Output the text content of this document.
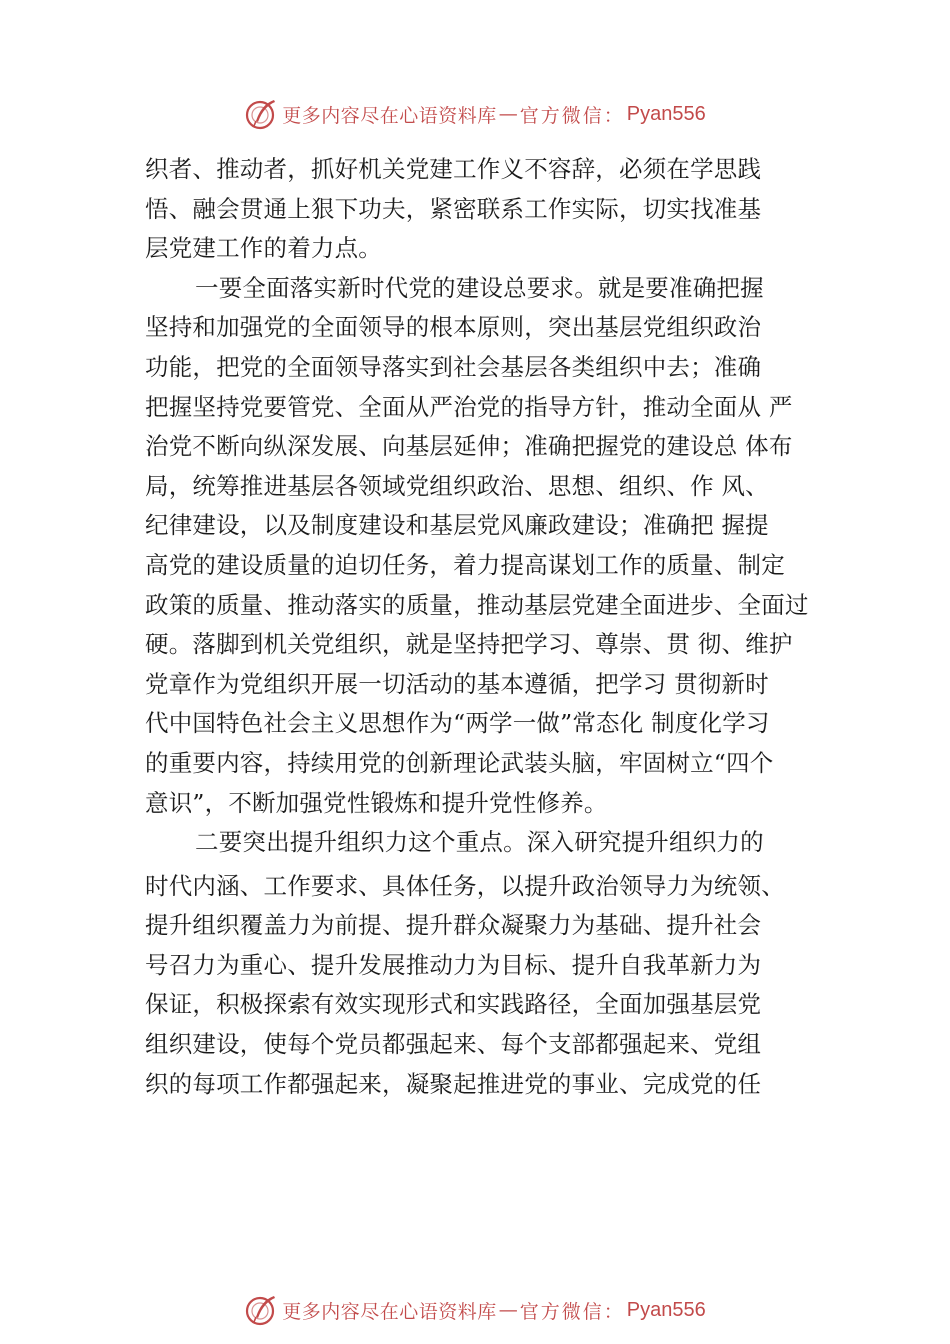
更多内容尽在心语资料库 — 官方微信： Pyan556
织者、推动者，抓好机关党建工作义不容辞，必须在学思践
悟、融会贯通上狠下功夫，紧密联系工作实际，切实找准基
层党建工作的着力点。
一要全面落实新时代党的建设总要求。就是要准确把握
坚持和加强党的全面领导的根本原则，突出基层党组织政治
功能，把党的全面领导落实到社会基层各类组织中去；准确
把握坚持党要管党、全面从严治党的指导方针，推动全面从 严
治党不断向纵深发展、向基层延伸；准确把握党的建设总 体布
局，统筹推进基层各领域党组织政治、思想、组织、作 风、
纪律建设，以及制度建设和基层党风廉政建设；准确把 握提
高党的建设质量的迫切任务，着力提高谋划工作的质量、制定
政策的质量、推动落实的质量，推动基层党建全面进步、全面过
硬。落脚到机关党组织，就是坚持把学习、尊崇、贯 彻、维护
党章作为党组织开展一切活动的基本遵循，把学习 贯彻新时
代中国特色社会主义思想作为“两学一做”常态化 制度化学习
的重要内容，持续用党的创新理论武装头脑，牢固树立“四个
意识”，不断加强党性锻炼和提升党性修养。
二要突出提升组织力这个重点。深入研究提升组织力的
时代内涵、工作要求、具体任务，以提升政治领导力为统领、
提升组织覆盖力为前提、提升群众凝聚力为基础、提升社会
号召力为重心、提升发展推动力为目标、提升自我革新力为
保证，积极探索有效实现形式和实践路径，全面加强基层党
组织建设，使每个党员都强起来、每个支部都强起来、党组
织的每项工作都强起来，凝聚起推进党的事业、完成党的任
更多内容尽在心语资料库 — 官方微信： Pyan556
